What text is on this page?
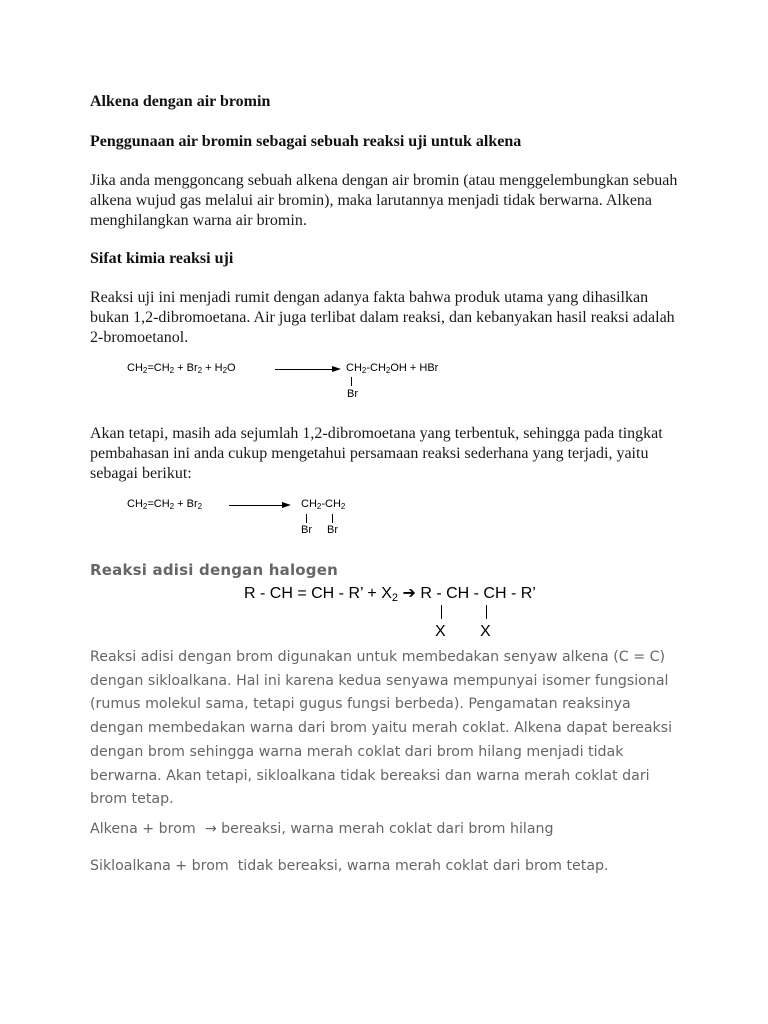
Alkena dengan air bromin
Penggunaan air bromin sebagai sebuah reaksi uji untuk alkena
Jika anda menggoncang sebuah alkena dengan air bromin (atau menggelembungkan sebuah alkena wujud gas melalui air bromin), maka larutannya menjadi tidak berwarna. Alkena menghilangkan warna air bromin.
Sifat kimia reaksi uji
Reaksi uji ini menjadi rumit dengan adanya fakta bahwa produk utama yang dihasilkan bukan 1,2-dibromoetana. Air juga terlibat dalam reaksi, dan kebanyakan hasil reaksi adalah 2-bromoetanol.
CH2=CH2 + Br2 + H2O	CH2-CH2OH + HBr
Br
Akan tetapi, masih ada sejumlah 1,2-dibromoetana yang terbentuk, sehingga pada tingkat pembahasan ini anda cukup mengetahui persamaan reaksi sederhana yang terjadi, yaitu sebagai berikut:
CH2=CH2 + Br2	CH2-CH2
Br Br
Reaksi adisi dengan halogen
R - CH = CH - R’ + X2 ➔ R - CH - CH - R’
X X
Reaksi adisi dengan brom digunakan untuk membedakan senyaw alkena (C = C) dengan sikloalkana. Hal ini karena kedua senyawa mempunyai isomer fungsional (rumus molekul sama, tetapi gugus fungsi berbeda). Pengamatan reaksinya dengan membedakan warna dari brom yaitu merah coklat. Alkena dapat bereaksi dengan brom sehingga warna merah coklat dari brom hilang menjadi tidak berwarna. Akan tetapi, sikloalkana tidak bereaksi dan warna merah coklat dari brom tetap.
Alkena + brom  → bereaksi, warna merah coklat dari brom hilang
Sikloalkana + brom  tidak bereaksi, warna merah coklat dari brom tetap.
